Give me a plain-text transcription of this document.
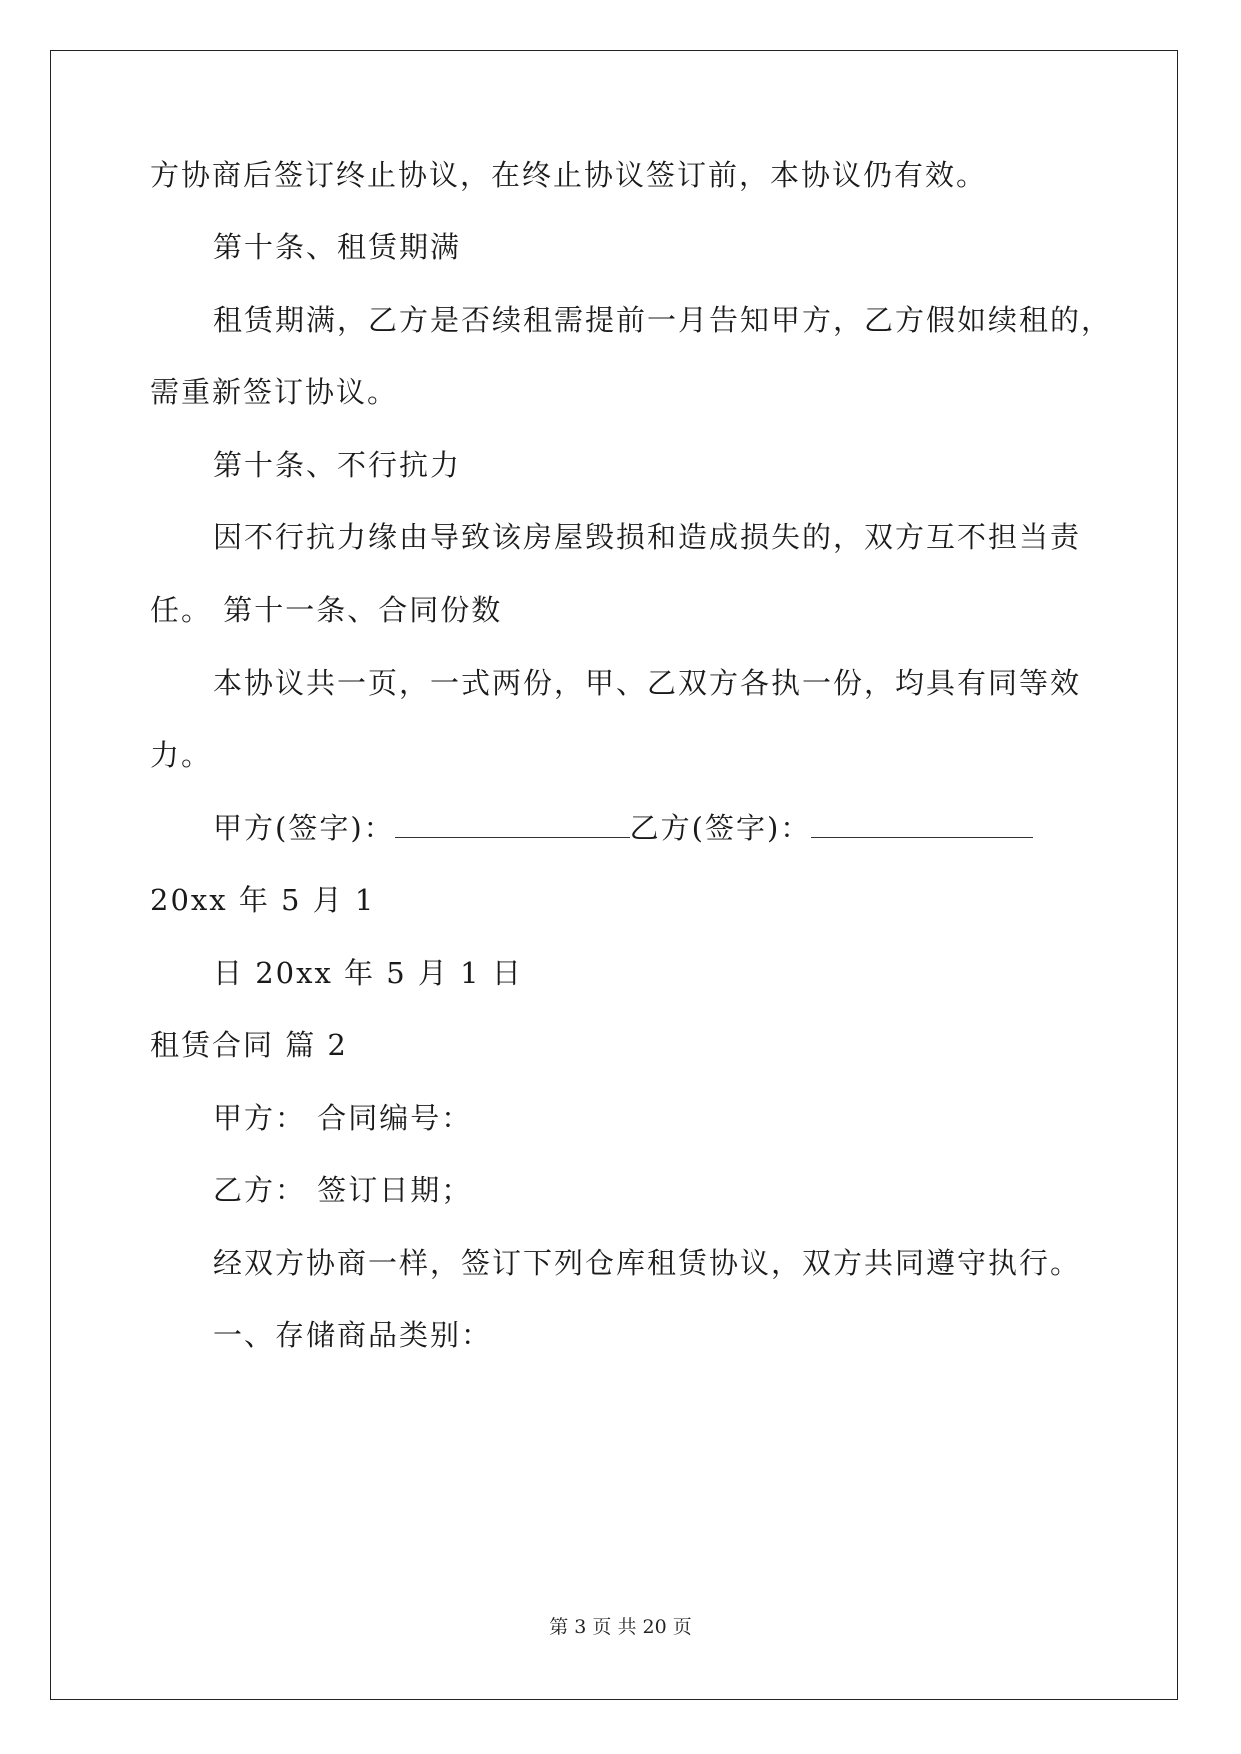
方协商后签订终止协议，在终止协议签订前，本协议仍有效。
第十条、租赁期满
租赁期满，乙方是否续租需提前一月告知甲方，乙方假如续租的，
需重新签订协议。
第十条、不行抗力
因不行抗力缘由导致该房屋毁损和造成损失的，双方互不担当责
任。 第十一条、合同份数
本协议共一页，一式两份，甲、乙双方各执一份，均具有同等效
力。
甲方(签字)：	乙方(签字)：
20xx 年 5 月 1
日 20xx 年 5 月 1 日
租赁合同 篇 2
甲方： 合同编号：
乙方： 签订日期；
经双方协商一样，签订下列仓库租赁协议，双方共同遵守执行。
一、存储商品类别：
第 3 页 共 20 页
